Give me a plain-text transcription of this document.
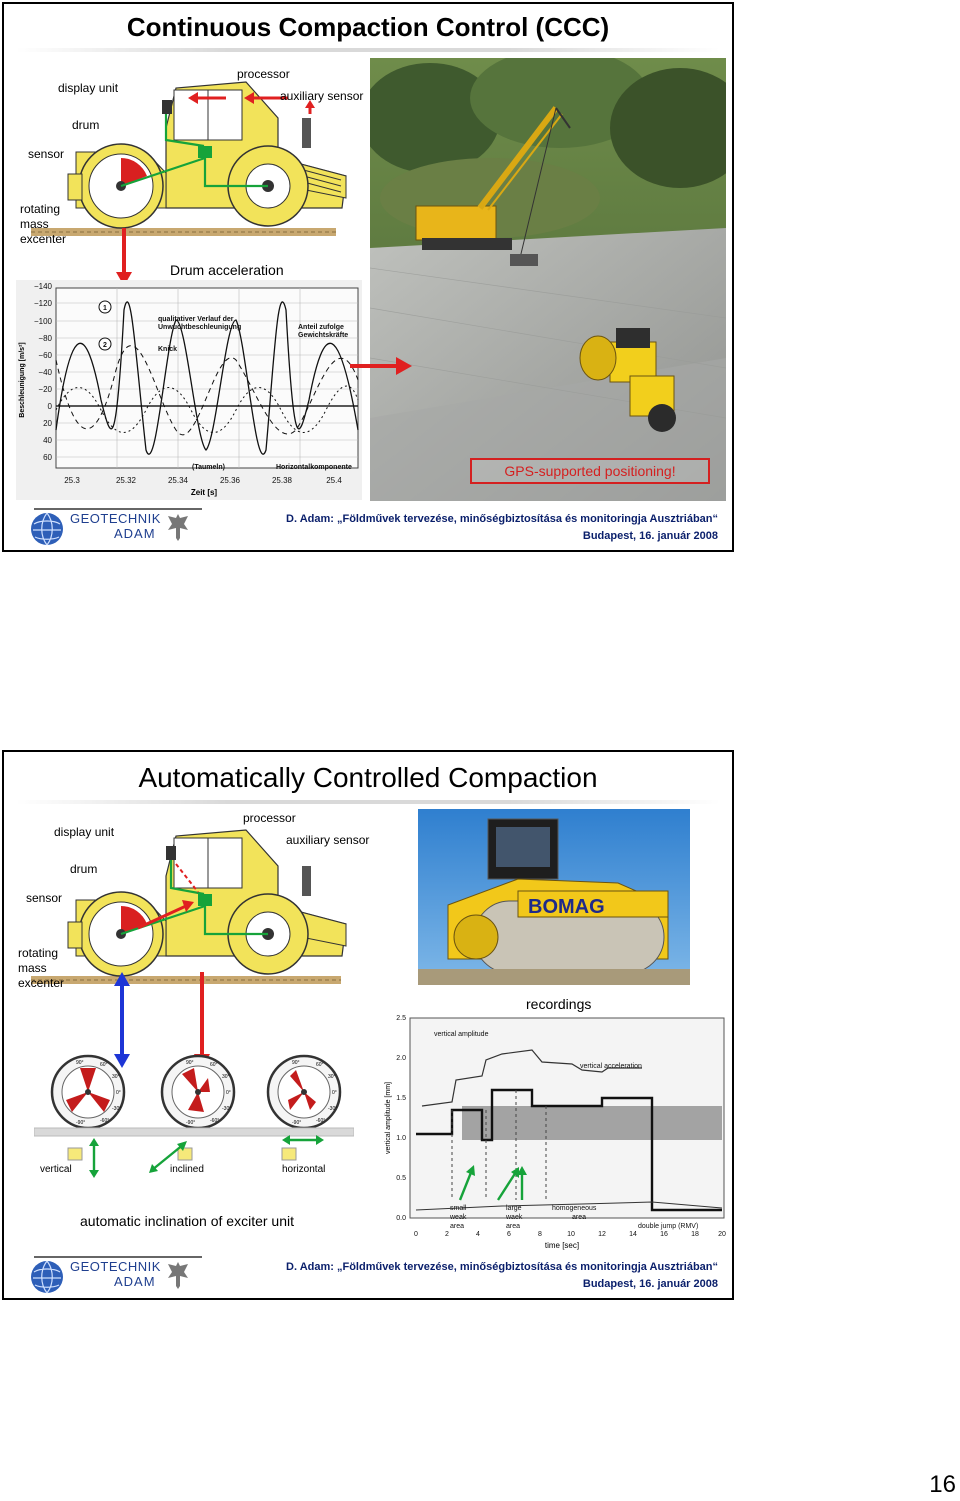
Continuous Compaction Control (CCC)
processor
display unit
auxiliary sensor
drum
sensor
rotating
mass
excenter
Drum acceleration
−140
−120
−100
−80
−60
−40
−20
0
20
40
60
25.3	25.32	25.34	25.36	25.38	25.4
Zeit [s]
Beschleunigung [m/s²]
1
2
qualitativer Verlauf der
Unwuchtbeschleunigung
Knick
Anteil zufolge
Gewichtskräfte
(Taumeln)	Horizontalkomponente	GPS-supported positioning!
GEOTECHNIK
ADAM
D. Adam: „Földművek tervezése, minőségbiztosítása és monitoringja Ausztriában“
Budapest, 16. január 2008
Automatically Controlled Compaction
processor
display unit
auxiliary sensor
drum
sensor
rotating
mass
excenter
BOMAG
recordings
90°	60°
30°
0°
-30°
-60°
-90°
90°	60°
30°
0°
-30°
-60°
-90°
90°	60°
30°
0°
-30°
-60°
-90°
vertical	inclined	horizontal
automatic inclination of exciter unit	0.0
0.5
1.0
1.5
2.0
2.5
vertical amplitude
vertical acceleration
small
weak
area
large
waek
area
homogeneous
area
double jump (RMV)
0	2	4	6	8	10	12	14	16	18	20
time [sec]
vertical amplitude [mm]
GEOTECHNIK
ADAM
D. Adam: „Földművek tervezése, minőségbiztosítása és monitoringja Ausztriában“
Budapest, 16. január 2008
16
